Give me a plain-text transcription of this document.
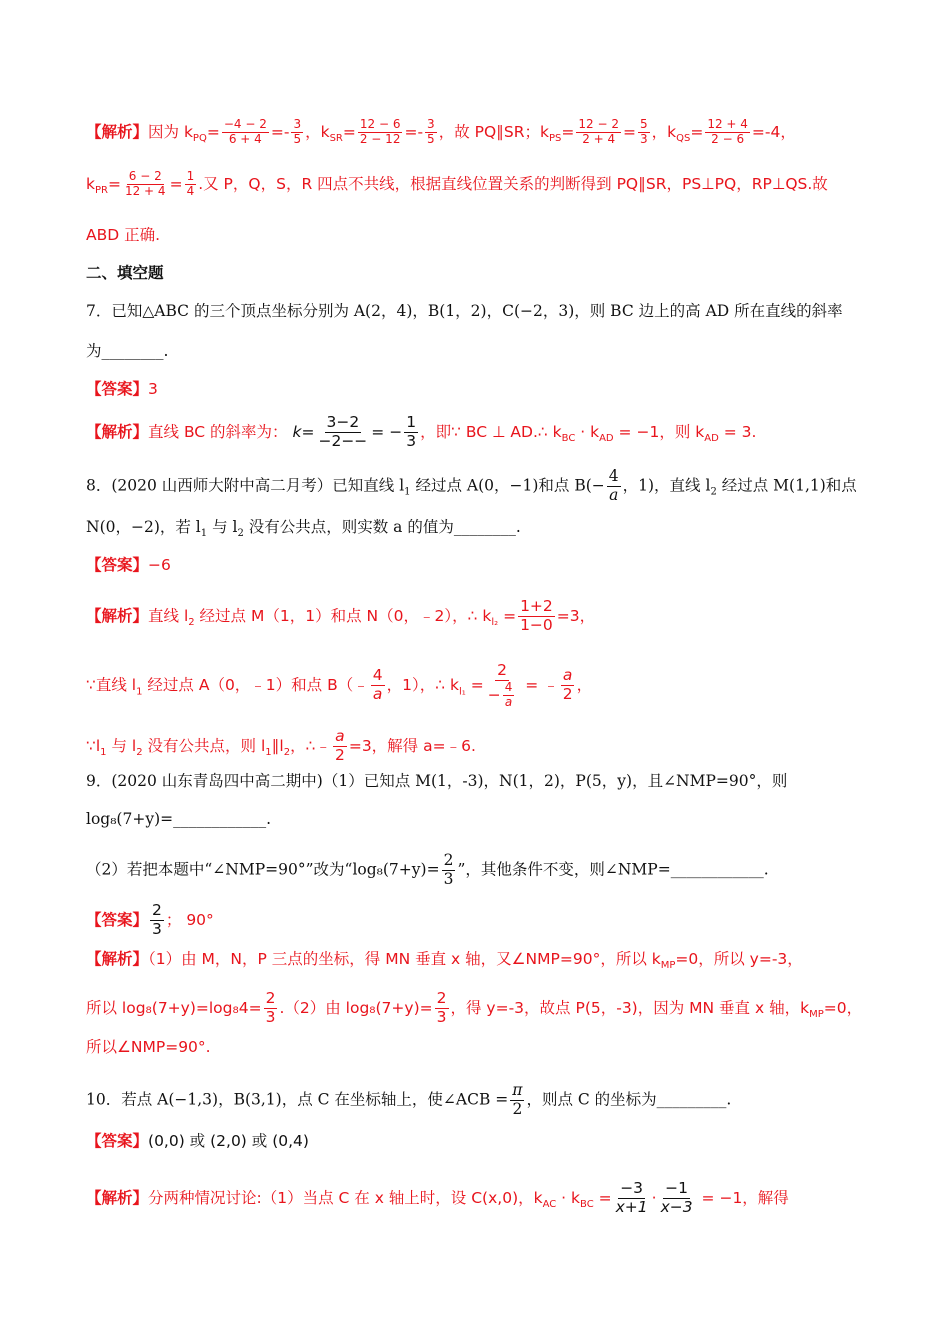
【解析】因为 $k_{PQ}= \frac{-4 - 2}{6 + 4} =- \frac{3}{5}$ ，$k_{SR}= \frac{12 - 6}{2 - 12} =- \frac{3}{5}$ ，故 PQ∥SR；$k_{PS}= \frac{12 - 2}{2 + 4} = \frac{5}{3}$ ，$k_{QS}= \frac{12 + 4}{2 - 6} =-4$，
$k_{PR}= \frac{6 - 2}{12 + 4} = \frac{1}{4}$ .又 P，Q，S，R 四点不共线，根据直线位置关系的判断得到 PQ∥SR，PS⊥PQ，RP⊥QS.故
ABD 正确.
二、填空题
7．已知△ABC 的三个顶点坐标分别为 A(2，4)，B(1，2)，C(−2，3)，则 BC 边上的高 AD 所在直线的斜率
为________.
【答案】3
【解析】直线 BC 的斜率为： $k= \frac{3-2}{-2--}$ = − $\frac{1}{3}$ ，即∵ BC ⊥ AD.∴ $k_{BC} \cdot k_{AD} = -1$，则 $k_{AD} = 3$.
8．(2020 山西师大附中高二月考）已知直线 $l_1$ 经过点 A(0，−1)和点 $B(- \frac{4}{a}$ ，1)，直线 $l_2$ 经过点 M(1,1)和点
N(0，−2)，若 $l_1$ 与 $l_2$ 没有公共点，则实数 a 的值为________.
【答案】−6
【解析】直线 $l_2$ 经过点 M（1，1）和点 N（0，﹣2），∴ $k_{l_2} = \frac{1+2}{1-0} =3$，
∵直线 $l_1$ 经过点 A（0，﹣1）和点 B（﹣ $\frac{4}{a}$ ，1），∴ $k_{l_1} = \frac{2}{- \frac{4}{a}}$ = ﹣ $\frac{a}{2}$ ，
$\because l_1$ 与 $l_2$ 没有公共点，则 $l_1\parallel l_2$，∴﹣ $\frac{a}{2} =3$，解得 a=﹣6.
9．(2020 山东青岛四中高二期中)（1）已知点 M(1，-3)，N(1，2)，P(5，y)，且∠NMP=90°，则
log₈(7+y)=____________.
（2）若把本题中“∠NMP=90°”改为“$\log_8(7+y)= \frac{2}{3}$ ”，其他条件不变，则∠NMP=____________.
【答案】 $\frac{2}{3}$ ； 90°
【解析】（1）由 M，N，P 三点的坐标，得 MN 垂直 x 轴，又∠NMP=90°，所以 $k_{MP}=0$，所以 y=-3，
所以 $\log_8(7+y)=\log_84= \frac{2}{3} .(2)$由 $\log_8(7+y)= \frac{2}{3}$ ，得 y=-3，故点 P(5，-3)，因为 MN 垂直 x 轴，$k_{MP}=0$，
所以∠NMP=90°.
10．若点 A(−1,3)，B(3,1)，点 C 在坐标轴上，使∠ACB = $\frac{\pi}{2}$ ，则点 C 的坐标为_________.
【答案】(0,0) 或 (2,0) 或 (0,4)
【解析】分两种情况讨论:（1）当点 C 在 x 轴上时，设 C(x,0)，$k_{AC} \cdot k_{BC} = \frac{-3}{x+1} \cdot \frac{-1}{x-3} = -1$，解得
